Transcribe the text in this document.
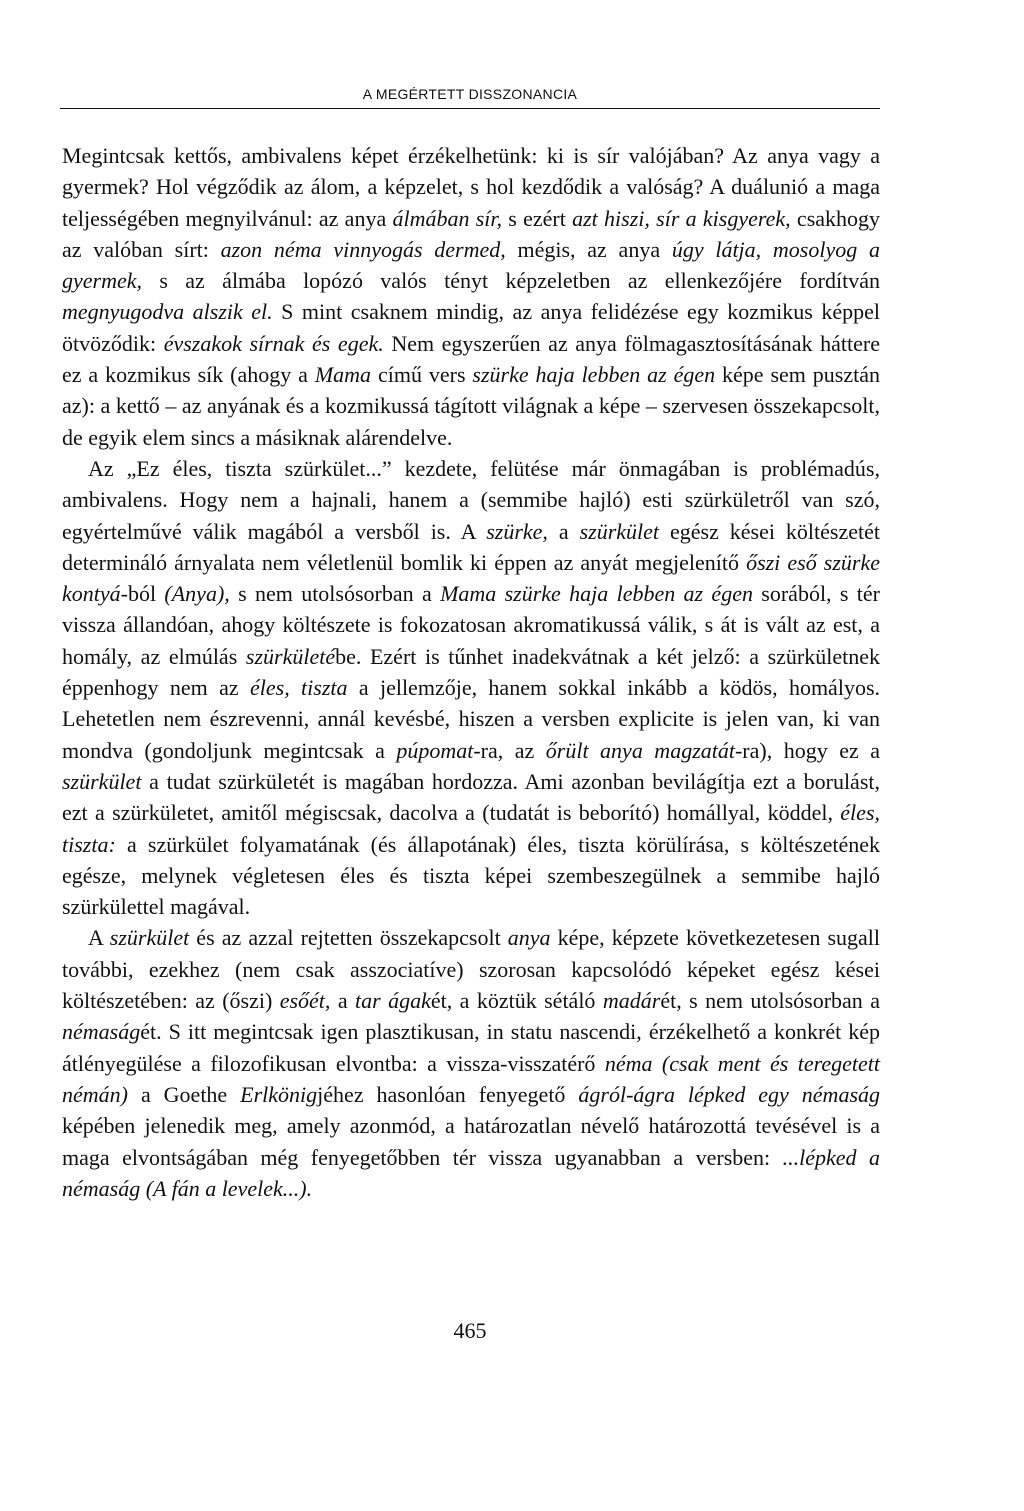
A MEGÉRTETT DISSZONANCIA

Megintcsak kettős, ambivalens képet érzékelhetünk: ki is sír valójában? Az anya vagy a gyermek? Hol végződik az álom, a képzelet, s hol kezdődik a valóság? A duálunió a maga teljességében megnyilvánul: az anya álmában sír, s ezért azt hiszi, sír a kisgyerek, csakhogy az valóban sírt: azon néma vinnyogás dermed, mégis, az anya úgy látja, mosolyog a gyermek, s az álmába lopózó valós tényt képzeletben az ellenkezőjére fordítván megnyugodva alszik el. S mint csaknem mindig, az anya felidézése egy kozmikus képpel ötvöződik: évszakok sírnak és egek. Nem egyszerűen az anya fölmagasztosításának háttere ez a kozmikus sík (ahogy a Mama című vers szürke haja lebben az égen képe sem pusztán az): a kettő – az anyának és a kozmikussá tágított világnak a képe – szervesen összekapcsolt, de egyik elem sincs a másiknak alárendelve.

Az „Ez éles, tiszta szürkület...” kezdete, felütése már önmagában is problémadús, ambivalens. Hogy nem a hajnali, hanem a (semmibe hajló) esti szürkületről van szó, egyértelművé válik magából a versből is. A szürke, a szürkület egész kései költészetét determináló árnyalata nem véletlenül bomlik ki éppen az anyát megjelenítő őszi eső szürke kontyá-ból (Anya), s nem utolsósorban a Mama szürke haja lebben az égen sorából, s tér vissza állandóan, ahogy költészete is fokozatosan akromatikussá válik, s át is vált az est, a homály, az elmúlás szürkületébe. Ezért is tűnhet inadekvátnak a két jelző: a szürkületnek éppenhogy nem az éles, tiszta a jellemzője, hanem sokkal inkább a ködös, homályos. Lehetetlen nem észrevenni, annál kevésbé, hiszen a versben explicite is jelen van, ki van mondva (gondoljunk megintcsak a púpomat-ra, az őrült anya magzatát-ra), hogy ez a szürkület a tudat szürkületét is magában hordozza. Ami azonban bevilágítja ezt a borulást, ezt a szürkületet, amitől mégiscsak, dacolva a (tudatát is beborító) homállyal, köddel, éles, tiszta: a szürkület folyamatának (és állapotának) éles, tiszta körülírása, s költészetének egésze, melynek végletesen éles és tiszta képei szembeszegülnek a semmibe hajló szürkülettel magával.

A szürkület és az azzal rejtetten összekapcsolt anya képe, képzete következetesen sugall további, ezekhez (nem csak asszociatíve) szorosan kapcsolódó képeket egész kései költészetében: az (őszi) esőét, a tar ágakét, a köztük sétáló madárét, s nem utolsósorban a némaságét. S itt megintcsak igen plasztikusan, in statu nascendi, érzékelhető a konkrét kép átlényegülése a filozofikusan elvontba: a vissza-visszatérő néma (csak ment és teregetett némán) a Goethe Erlkönigjéhez hasonlóan fenyegető ágról-ágra lépked egy némaság képében jelenedik meg, amely azonmód, a határozatlan névelő határozottá tevésével is a maga elvontságában még fenyegetőbben tér vissza ugyanabban a versben: ...lépked a némaság (A fán a levelek...).

465
